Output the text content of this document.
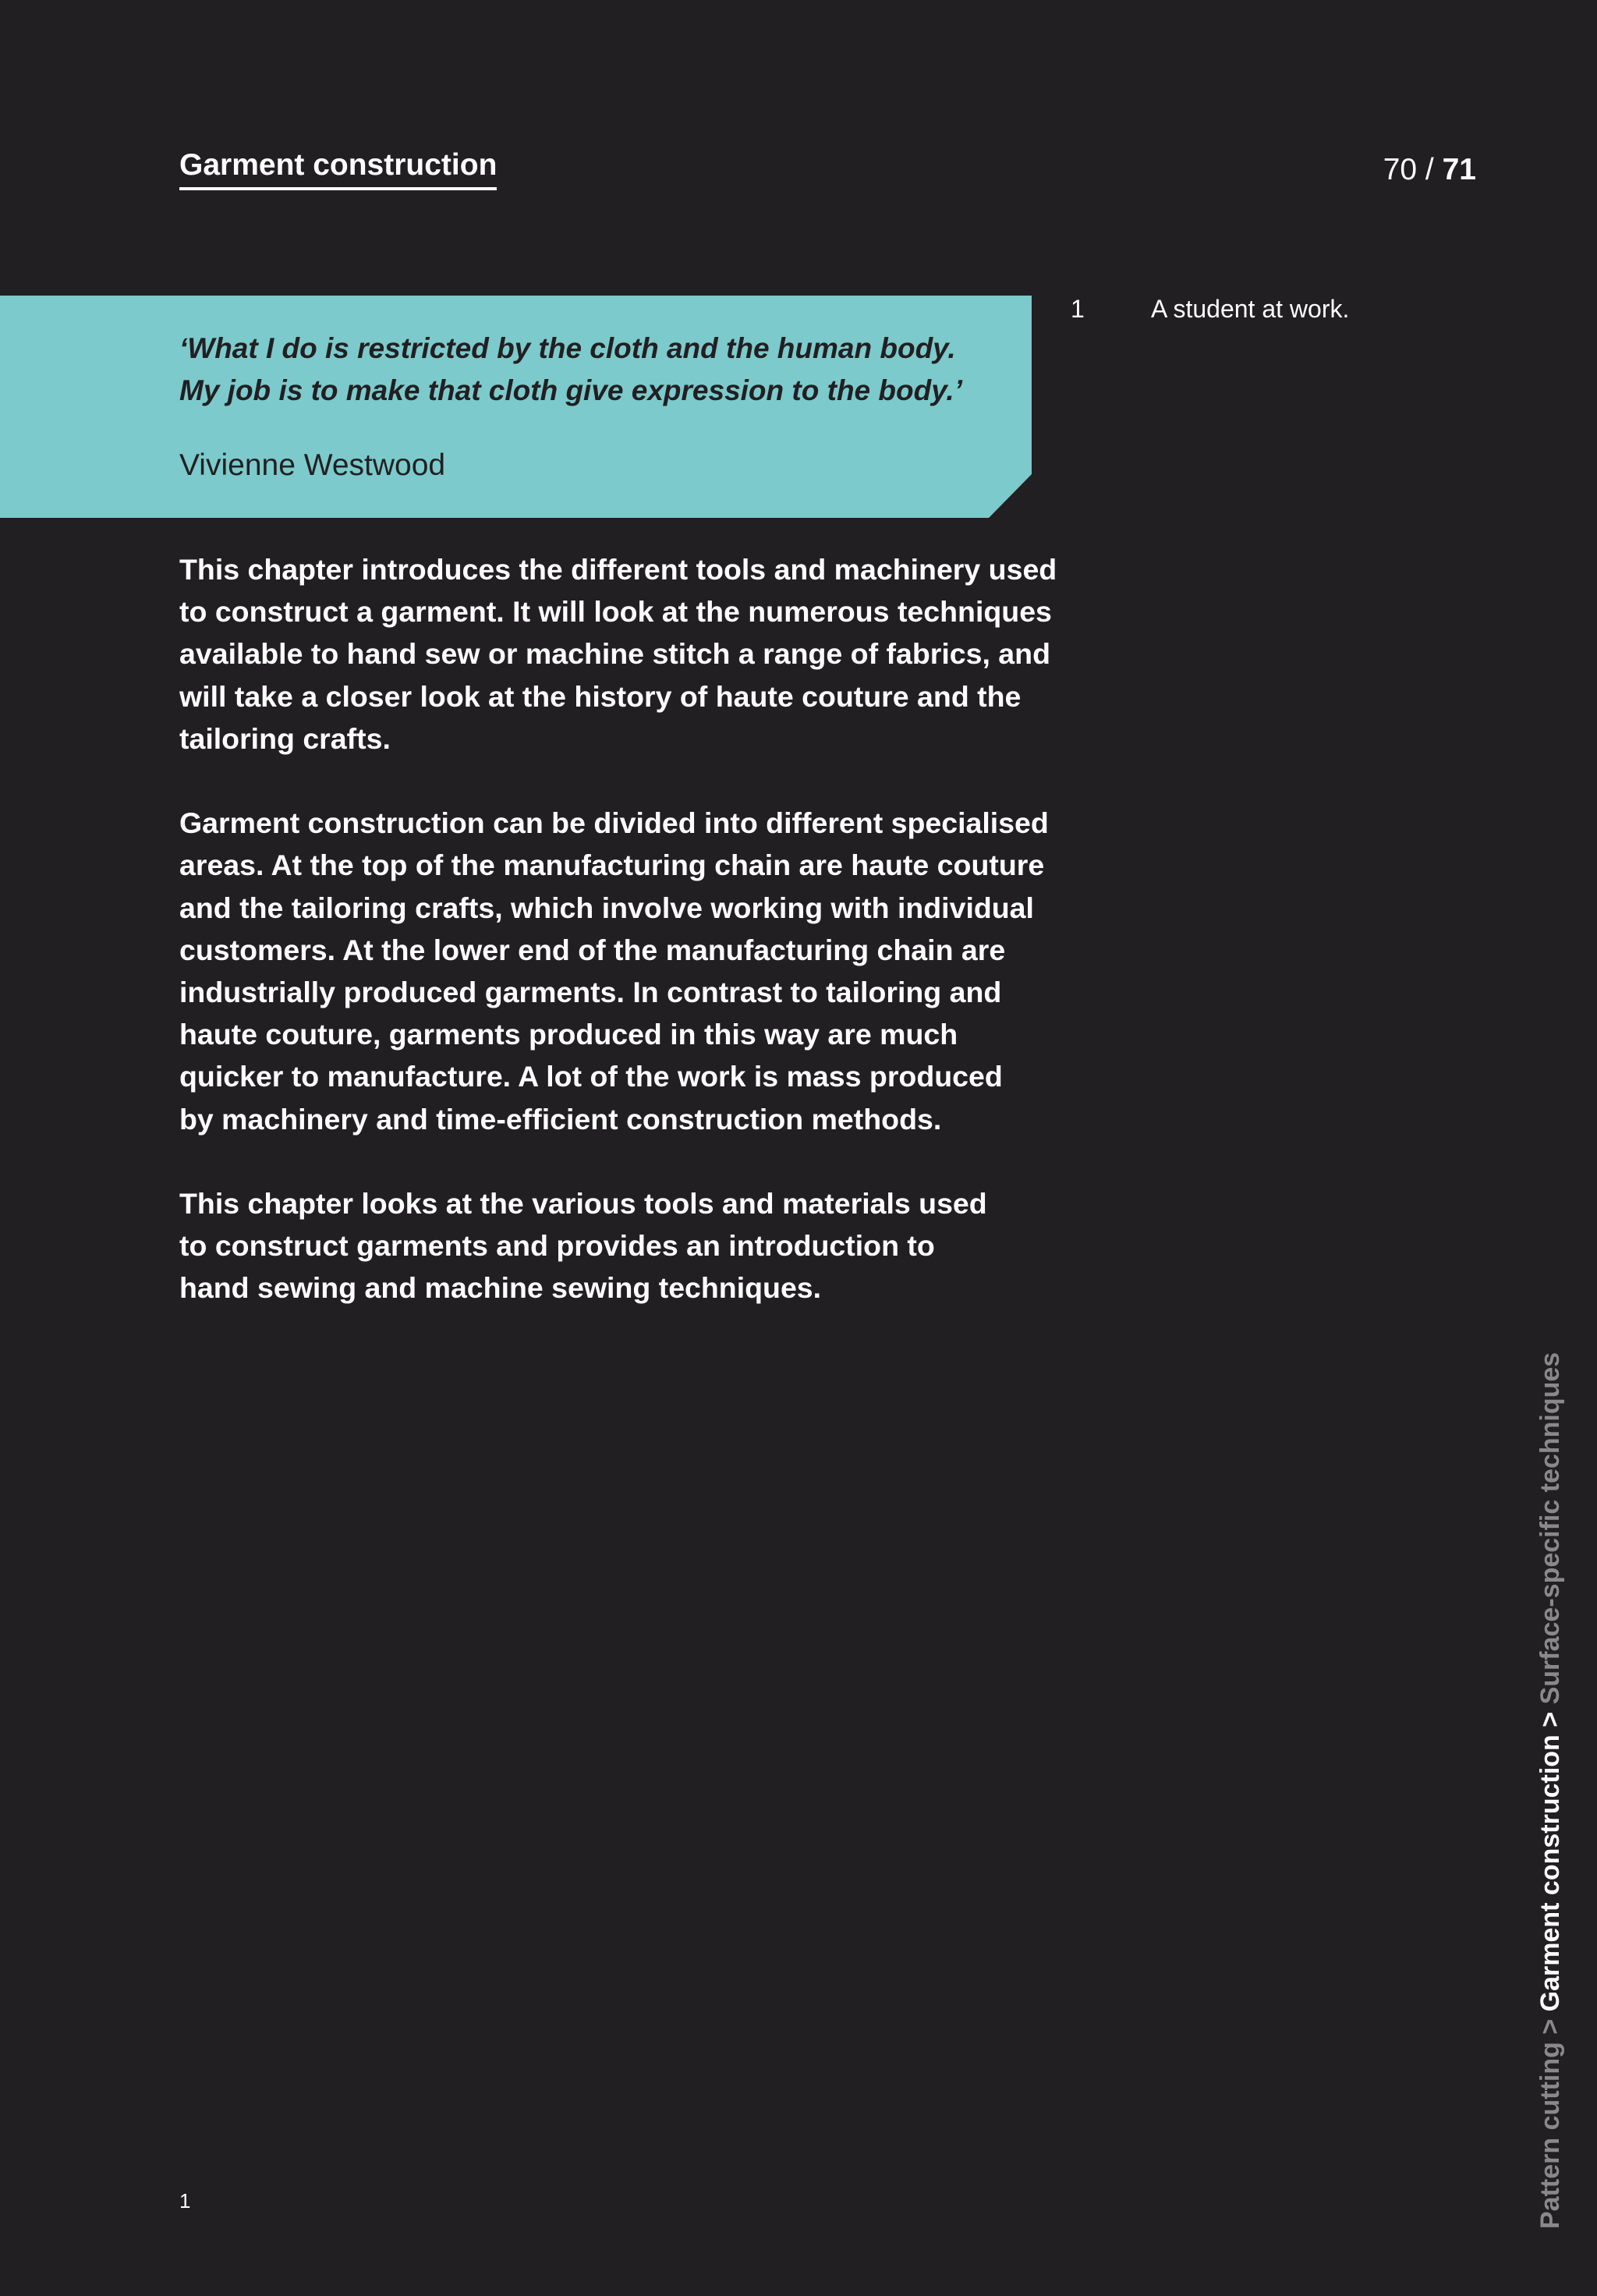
Garment construction	70 / 71
‘What I do is restricted by the cloth and the human body.
My job is to make that cloth give expression to the body.’
Vivienne Westwood

This chapter introduces the different tools and machinery used
to construct a garment. It will look at the numerous techniques
available to hand sew or machine stitch a range of fabrics, and
will take a closer look at the history of haute couture and the
tailoring crafts.

Garment construction can be divided into different specialised
areas. At the top of the manufacturing chain are haute couture
and the tailoring crafts, which involve working with individual
customers. At the lower end of the manufacturing chain are
industrially produced garments. In contrast to tailoring and
haute couture, garments produced in this way are much
quicker to manufacture. A lot of the work is mass produced
by machinery and time-efficient construction methods.

This chapter looks at the various tools and materials used
to construct garments and provides an introduction to
hand sewing and machine sewing techniques.

1	A student at work.
1	Pattern cutting > Garment construction > Surface-specific techniques
